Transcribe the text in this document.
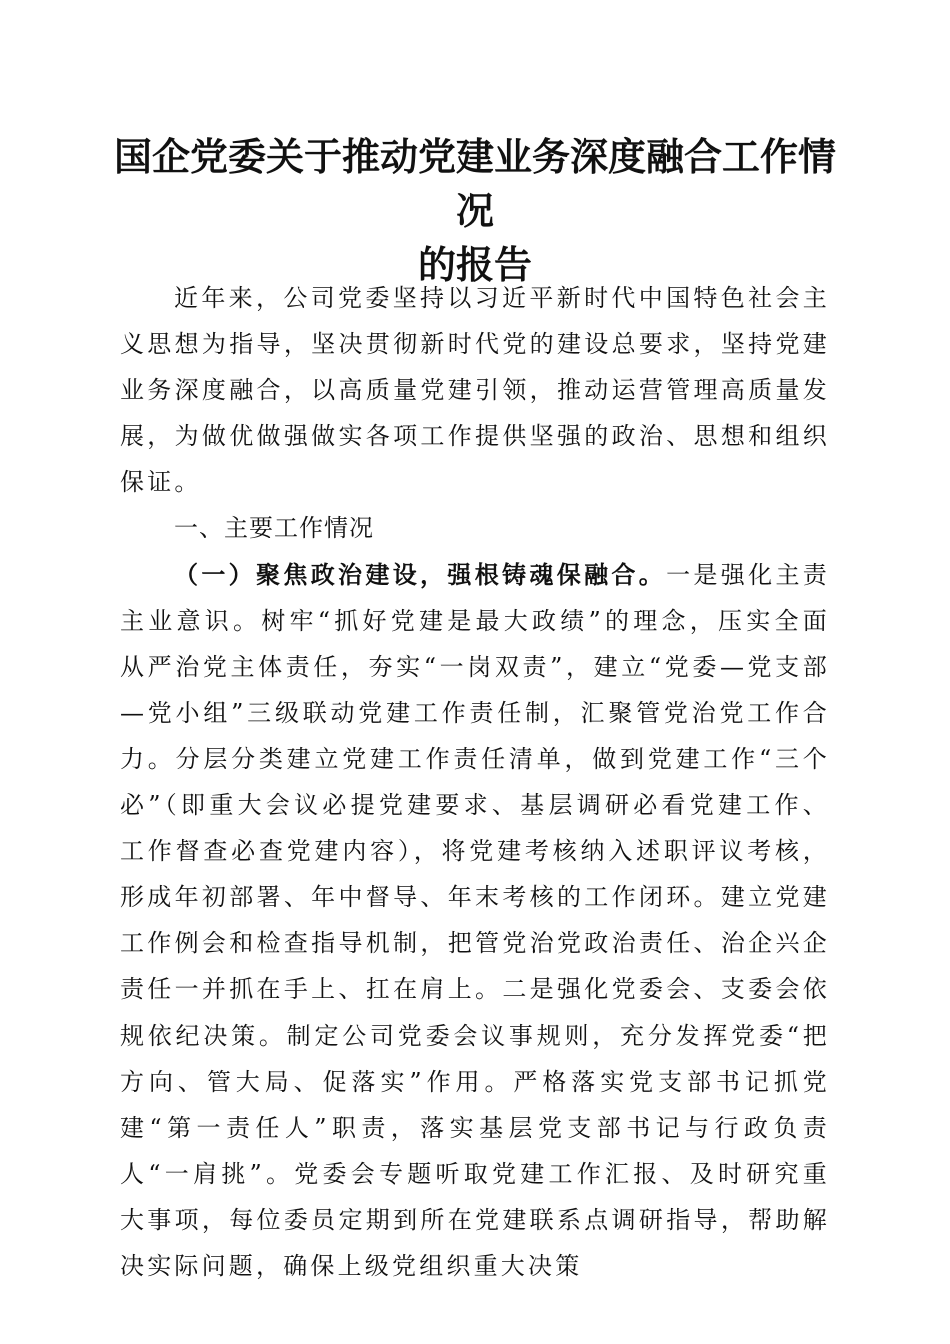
国企党委关于推动党建业务深度融合工作情况
的报告

近年来，公司党委坚持以习近平新时代中国特色社会主义思想为指导，坚决贯彻新时代党的建设总要求，坚持党建业务深度融合，以高质量党建引领，推动运营管理高质量发展，为做优做强做实各项工作提供坚强的政治、思想和组织保证。

一、主要工作情况

（一）聚焦政治建设，强根铸魂保融合。一是强化主责主业意识。树牢“抓好党建是最大政绩”的理念，压实全面从严治党主体责任，夯实“一岗双责”，建立“党委—党支部—党小组”三级联动党建工作责任制，汇聚管党治党工作合力。分层分类建立党建工作责任清单，做到党建工作“三个必”（即重大会议必提党建要求、基层调研必看党建工作、工作督查必查党建内容），将党建考核纳入述职评议考核，形成年初部署、年中督导、年末考核的工作闭环。建立党建工作例会和检查指导机制，把管党治党政治责任、治企兴企责任一并抓在手上、扛在肩上。二是强化党委会、支委会依规依纪决策。制定公司党委会议事规则，充分发挥党委“把方向、管大局、促落实”作用。严格落实党支部书记抓党建“第一责任人”职责，落实基层党支部书记与行政负责人“一肩挑”。党委会专题听取党建工作汇报、及时研究重大事项，每位委员定期到所在党建联系点调研指导，帮助解决实际问题，确保上级党组织重大决策
